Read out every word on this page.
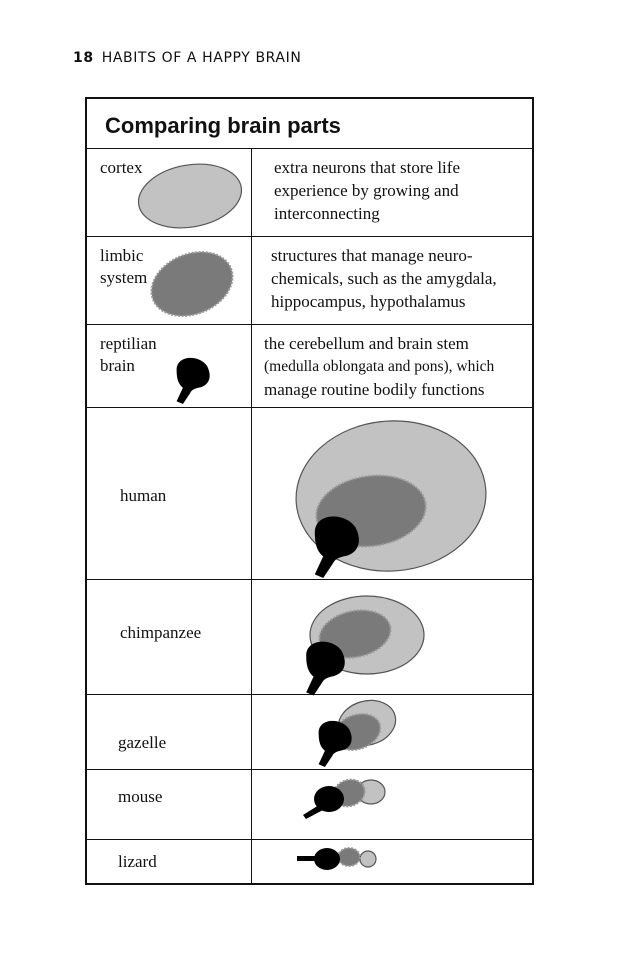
18 HABITS OF A HAPPY BRAIN
Comparing brain parts
cortex
limbic
system
reptilian
brain
extra neurons that store life
experience by growing and
interconnecting
structures that manage neuro-
chemicals, such as the amygdala,
hippocampus, hypothalamus
the cerebellum and brain stem
(medulla oblongata and pons), which
manage routine bodily functions
human
chimpanzee
gazelle
mouse
lizard
